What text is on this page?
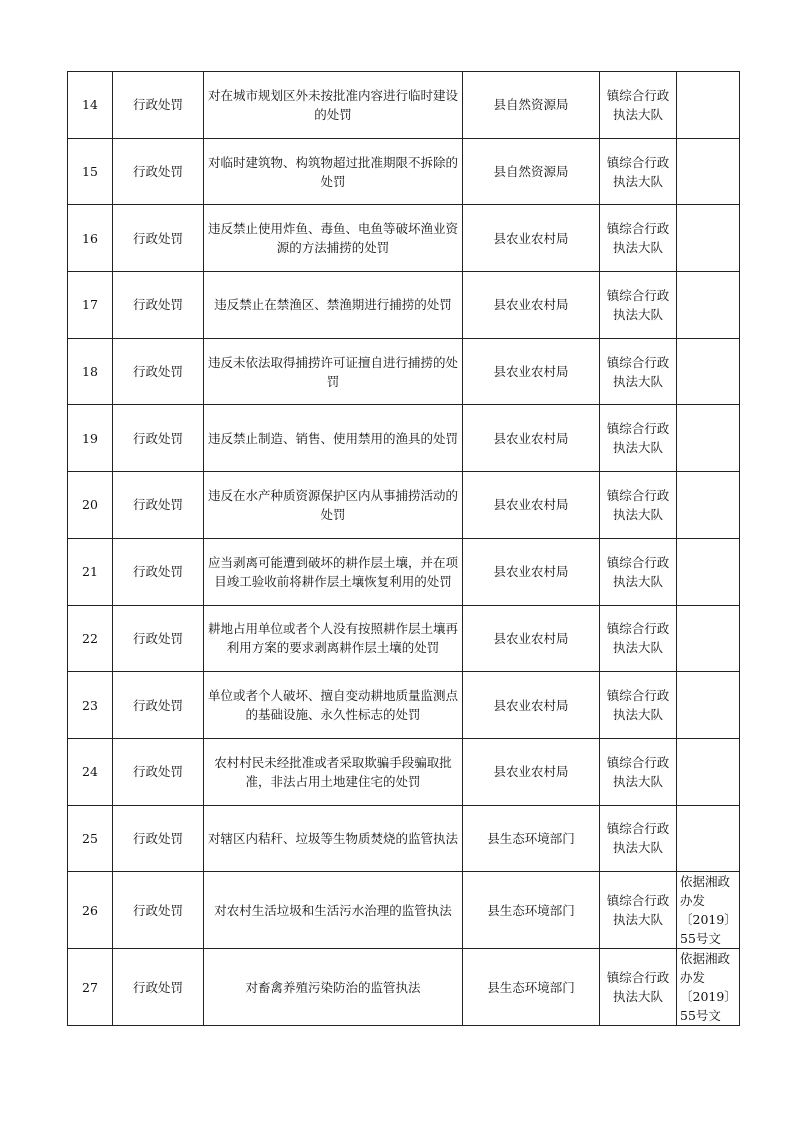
14	行政处罚	对在城市规划区外未按批准内容进行临时建设的处罚	县自然资源局	镇综合行政执法大队	
15	行政处罚	对临时建筑物、构筑物超过批准期限不拆除的处罚	县自然资源局	镇综合行政执法大队	
16	行政处罚	违反禁止使用炸鱼、毒鱼、电鱼等破坏渔业资源的方法捕捞的处罚	县农业农村局	镇综合行政执法大队	
17	行政处罚	违反禁止在禁渔区、禁渔期进行捕捞的处罚	县农业农村局	镇综合行政执法大队	
18	行政处罚	违反未依法取得捕捞许可证擅自进行捕捞的处罚	县农业农村局	镇综合行政执法大队	
19	行政处罚	违反禁止制造、销售、使用禁用的渔具的处罚	县农业农村局	镇综合行政执法大队	
20	行政处罚	违反在水产种质资源保护区内从事捕捞活动的处罚	县农业农村局	镇综合行政执法大队	
21	行政处罚	应当剥离可能遭到破坏的耕作层土壤，并在项目竣工验收前将耕作层土壤恢复利用的处罚	县农业农村局	镇综合行政执法大队	
22	行政处罚	耕地占用单位或者个人没有按照耕作层土壤再利用方案的要求剥离耕作层土壤的处罚	县农业农村局	镇综合行政执法大队	
23	行政处罚	单位或者个人破坏、擅自变动耕地质量监测点的基础设施、永久性标志的处罚	县农业农村局	镇综合行政执法大队	
24	行政处罚	农村村民未经批准或者采取欺骗手段骗取批准，非法占用土地建住宅的处罚	县农业农村局	镇综合行政执法大队	
25	行政处罚	对辖区内秸秆、垃圾等生物质焚烧的监管执法	县生态环境部门	镇综合行政执法大队	
26	行政处罚	对农村生活垃圾和生活污水治理的监管执法	县生态环境部门	镇综合行政执法大队	依据湘政办发〔2019〕55号文
27	行政处罚	对畜禽养殖污染防治的监管执法	县生态环境部门	镇综合行政执法大队	依据湘政办发〔2019〕55号文
